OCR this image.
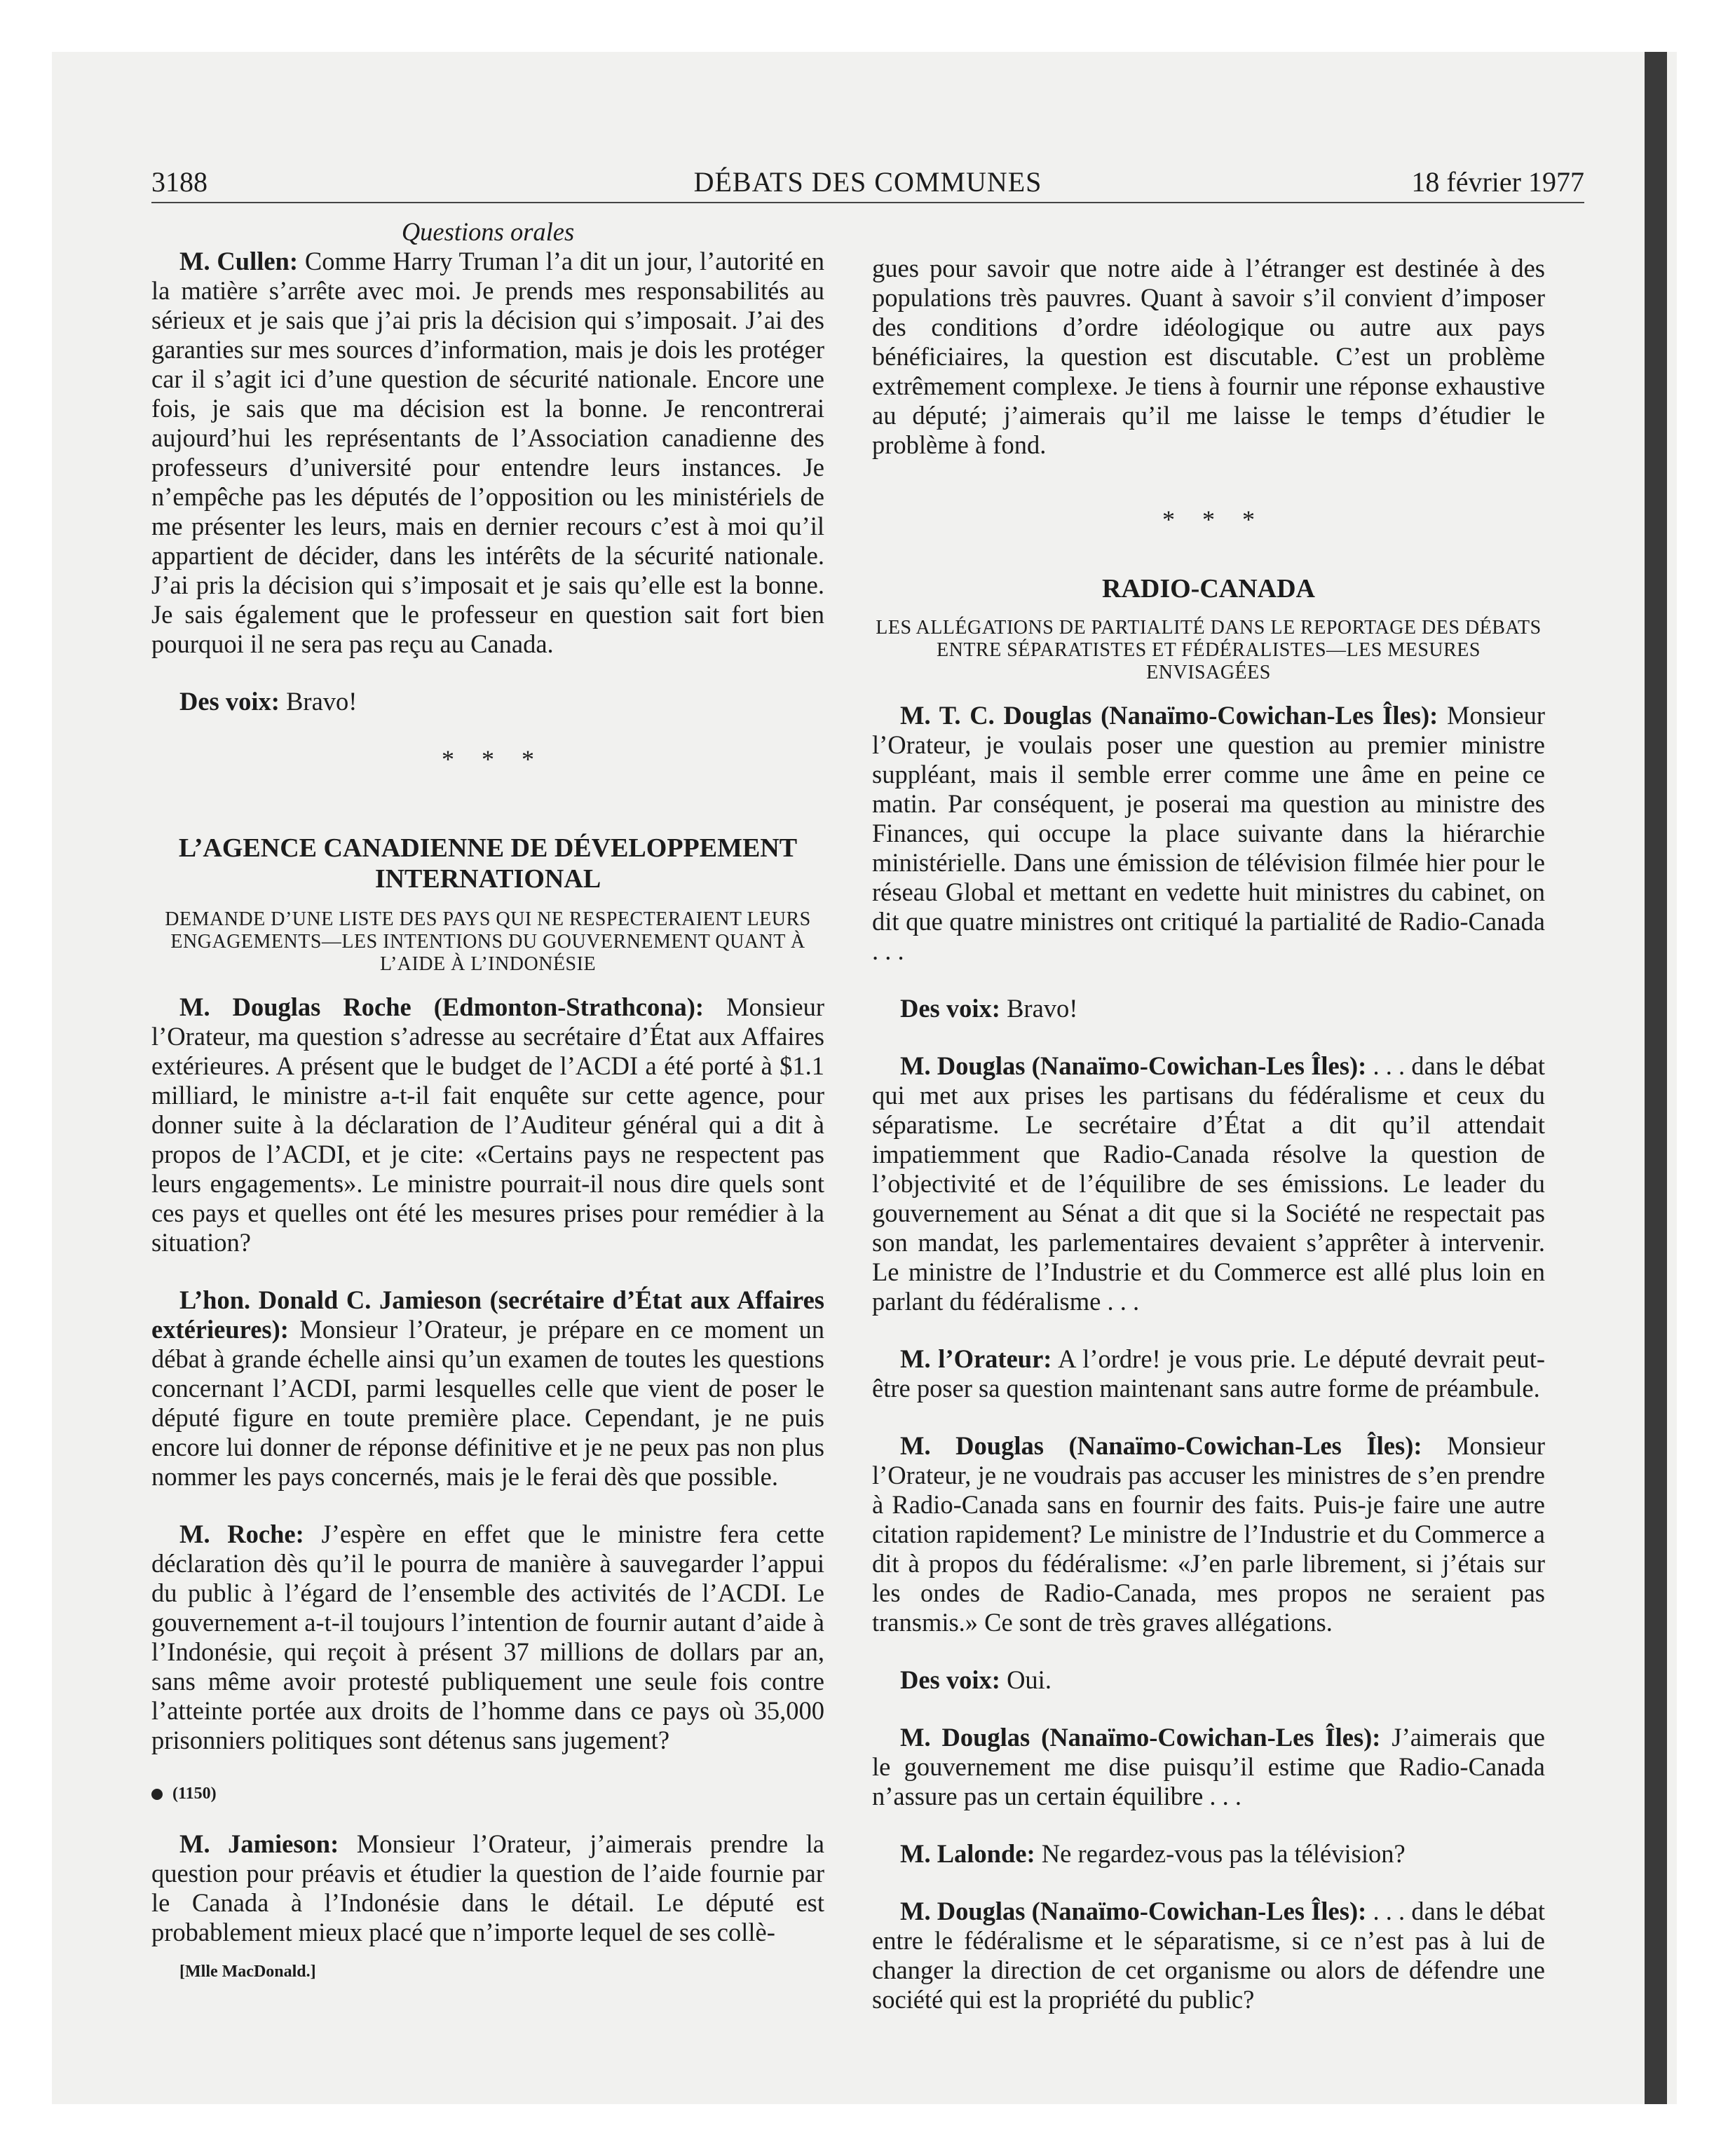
3188	DÉBATS DES COMMUNES	18 février 1977

Questions orales

M. Cullen: Comme Harry Truman l’a dit un jour, l’autorité en la matière s’arrête avec moi. Je prends mes responsabilités au sérieux et je sais que j’ai pris la décision qui s’imposait. J’ai des garanties sur mes sources d’information, mais je dois les protéger car il s’agit ici d’une question de sécurité nationale. Encore une fois, je sais que ma décision est la bonne. Je rencontrerai aujourd’hui les représentants de l’Association canadienne des professeurs d’université pour entendre leurs instances. Je n’empêche pas les députés de l’opposition ou les ministériels de me présenter les leurs, mais en dernier recours c’est à moi qu’il appartient de décider, dans les intérêts de la sécurité nationale. J’ai pris la décision qui s’imposait et je sais qu’elle est la bonne. Je sais également que le professeur en question sait fort bien pourquoi il ne sera pas reçu au Canada.

Des voix: Bravo!

* * *

L’AGENCE CANADIENNE DE DÉVELOPPEMENT INTERNATIONAL

DEMANDE D’UNE LISTE DES PAYS QUI NE RESPECTERAIENT LEURS ENGAGEMENTS—LES INTENTIONS DU GOUVERNEMENT QUANT À L’AIDE À L’INDONÉSIE

M. Douglas Roche (Edmonton-Strathcona): Monsieur l’Orateur, ma question s’adresse au secrétaire d’État aux Affaires extérieures. A présent que le budget de l’ACDI a été porté à $1.1 milliard, le ministre a-t-il fait enquête sur cette agence, pour donner suite à la déclaration de l’Auditeur général qui a dit à propos de l’ACDI, et je cite: «Certains pays ne respectent pas leurs engagements». Le ministre pourrait-il nous dire quels sont ces pays et quelles ont été les mesures prises pour remédier à la situation?

L’hon. Donald C. Jamieson (secrétaire d’État aux Affaires extérieures): Monsieur l’Orateur, je prépare en ce moment un débat à grande échelle ainsi qu’un examen de toutes les questions concernant l’ACDI, parmi lesquelles celle que vient de poser le député figure en toute première place. Cependant, je ne puis encore lui donner de réponse définitive et je ne peux pas non plus nommer les pays concernés, mais je le ferai dès que possible.

M. Roche: J’espère en effet que le ministre fera cette déclaration dès qu’il le pourra de manière à sauvegarder l’appui du public à l’égard de l’ensemble des activités de l’ACDI. Le gouvernement a-t-il toujours l’intention de fournir autant d’aide à l’Indonésie, qui reçoit à présent 37 millions de dollars par an, sans même avoir protesté publiquement une seule fois contre l’atteinte portée aux droits de l’homme dans ce pays où 35,000 prisonniers politiques sont détenus sans jugement?

(1150)

M. Jamieson: Monsieur l’Orateur, j’aimerais prendre la question pour préavis et étudier la question de l’aide fournie par le Canada à l’Indonésie dans le détail. Le député est probablement mieux placé que n’importe lequel de ses collè-

[Mlle MacDonald.]

gues pour savoir que notre aide à l’étranger est destinée à des populations très pauvres. Quant à savoir s’il convient d’imposer des conditions d’ordre idéologique ou autre aux pays bénéficiaires, la question est discutable. C’est un problème extrêmement complexe. Je tiens à fournir une réponse exhaustive au député; j’aimerais qu’il me laisse le temps d’étudier le problème à fond.

* * *

RADIO-CANADA

LES ALLÉGATIONS DE PARTIALITÉ DANS LE REPORTAGE DES DÉBATS ENTRE SÉPARATISTES ET FÉDÉRALISTES—LES MESURES ENVISAGÉES

M. T. C. Douglas (Nanaïmo-Cowichan-Les Îles): Monsieur l’Orateur, je voulais poser une question au premier ministre suppléant, mais il semble errer comme une âme en peine ce matin. Par conséquent, je poserai ma question au ministre des Finances, qui occupe la place suivante dans la hiérarchie ministérielle. Dans une émission de télévision filmée hier pour le réseau Global et mettant en vedette huit ministres du cabinet, on dit que quatre ministres ont critiqué la partialité de Radio-Canada . . .

Des voix: Bravo!

M. Douglas (Nanaïmo-Cowichan-Les Îles): . . . dans le débat qui met aux prises les partisans du fédéralisme et ceux du séparatisme. Le secrétaire d’État a dit qu’il attendait impatiemment que Radio-Canada résolve la question de l’objectivité et de l’équilibre de ses émissions. Le leader du gouvernement au Sénat a dit que si la Société ne respectait pas son mandat, les parlementaires devaient s’apprêter à intervenir. Le ministre de l’Industrie et du Commerce est allé plus loin en parlant du fédéralisme . . .

M. l’Orateur: A l’ordre! je vous prie. Le député devrait peut-être poser sa question maintenant sans autre forme de préambule.

M. Douglas (Nanaïmo-Cowichan-Les Îles): Monsieur l’Orateur, je ne voudrais pas accuser les ministres de s’en prendre à Radio-Canada sans en fournir des faits. Puis-je faire une autre citation rapidement? Le ministre de l’Industrie et du Commerce a dit à propos du fédéralisme: «J’en parle librement, si j’étais sur les ondes de Radio-Canada, mes propos ne seraient pas transmis.» Ce sont de très graves allégations.

Des voix: Oui.

M. Douglas (Nanaïmo-Cowichan-Les Îles): J’aimerais que le gouvernement me dise puisqu’il estime que Radio-Canada n’assure pas un certain équilibre . . .

M. Lalonde: Ne regardez-vous pas la télévision?

M. Douglas (Nanaïmo-Cowichan-Les Îles): . . . dans le débat entre le fédéralisme et le séparatisme, si ce n’est pas à lui de changer la direction de cet organisme ou alors de défendre une société qui est la propriété du public?
